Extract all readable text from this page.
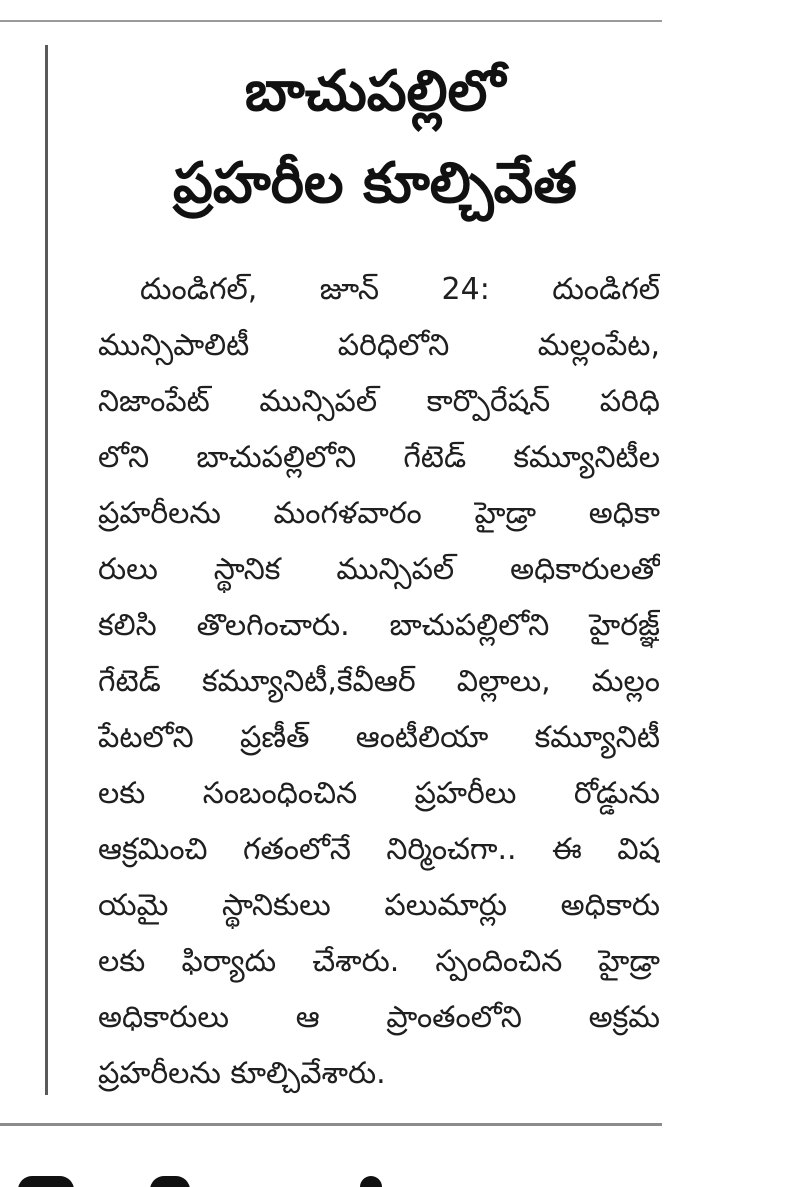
బాచుపల్లిలో
ప్రహరీల కూల్చివేత
దుండిగల్, జూన్ 24: దుండిగల్
మున్సిపాలిటీ పరిధిలోని మల్లంపేట,
నిజాంపేట్ మున్సిపల్ కార్పొరేషన్ పరిధి
లోని బాచుపల్లిలోని గేటెడ్ కమ్యూనిటీల
ప్రహరీలను మంగళవారం హైడ్రా అధికా
రులు స్థానిక మున్సిపల్ అధికారులతో
కలిసి తొలగించారు. బాచుపల్లిలోని హైరజ్ఞ్
గేటెడ్ కమ్యూనిటీ,కేవీఆర్ విల్లాలు, మల్లం
పేటలోని ప్రణీత్ ఆంటీలియా కమ్యూనిటీ
లకు సంబంధించిన ప్రహరీలు రోడ్డును
ఆక్రమించి గతంలోనే నిర్మించగా.. ఈ విష
యమై స్థానికులు పలుమార్లు అధికారు
లకు ఫిర్యాదు చేశారు. స్పందించిన హైడ్రా
అధికారులు ఆ ప్రాంతంలోని అక్రమ
ప్రహరీలను కూల్చివేశారు.
